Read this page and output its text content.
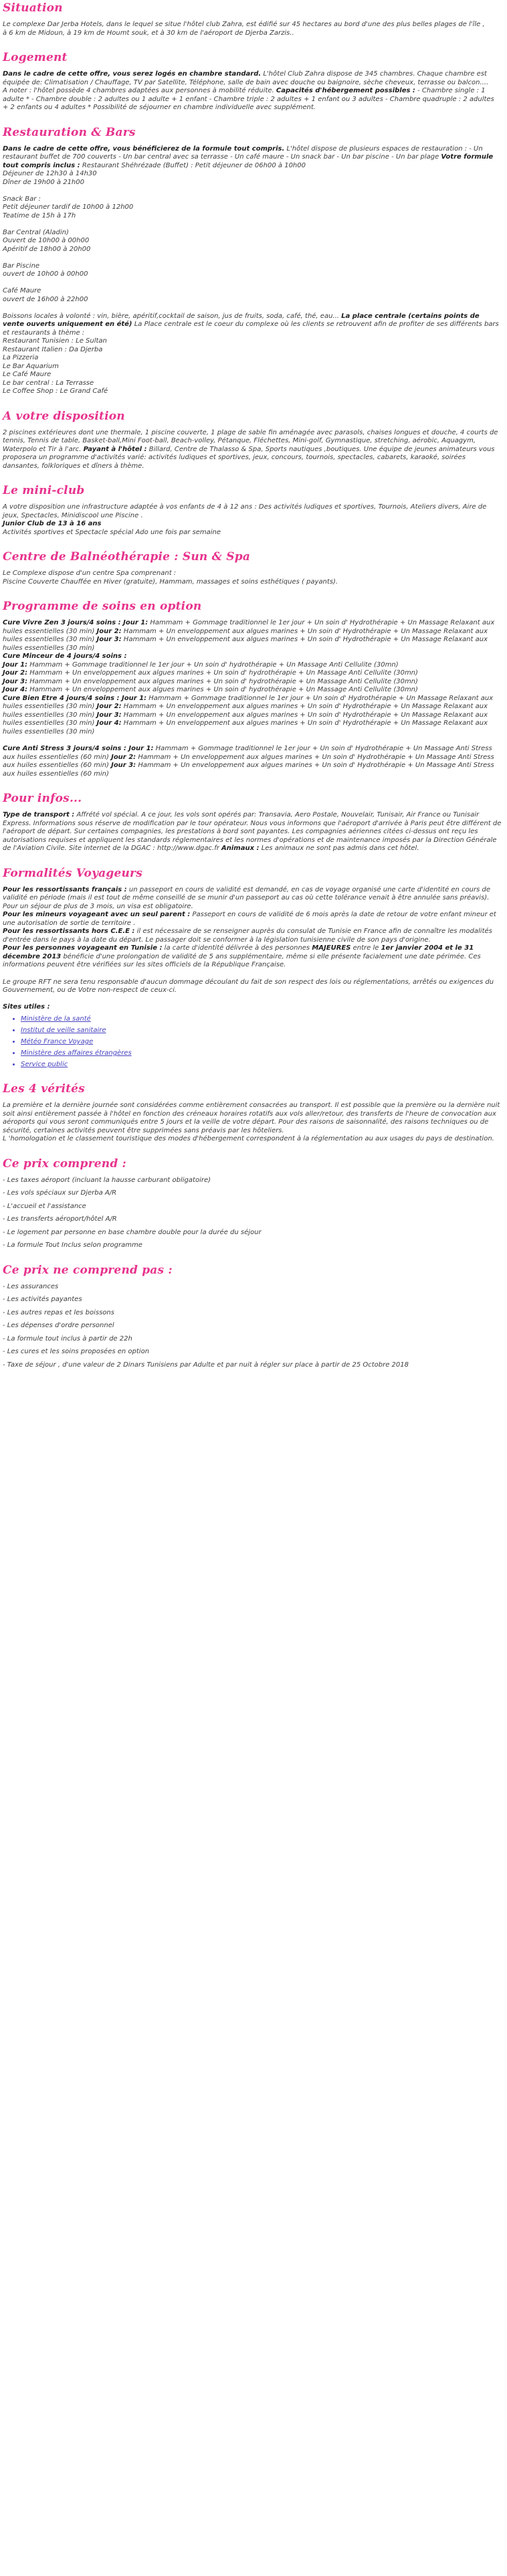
Situation

Le complexe Dar Jerba Hotels, dans le lequel se situe l'hôtel club Zahra, est édifié sur 45 hectares au bord d'une des plus belles plages de l'île ,

à 6 km de Midoun, à 19 km de Houmt souk, et à 30 km de l'aéroport de Djerba Zarzis..

Logement

Dans le cadre de cette offre, vous serez logés en chambre standard. L'hôtel Club Zahra dispose de 345 chambres. Chaque chambre est équipée de: Climatisation / Chauffage, TV par Satellite, Téléphone, salle de bain avec douche ou baignoire, sèche cheveux, terrasse ou balcon....

A noter : l'hôtel possède 4 chambres adaptées aux personnes à mobilité réduite. Capacités d'hébergement possibles : - Chambre single : 1 adulte * - Chambre double : 2 adultes ou 1 adulte + 1 enfant - Chambre triple : 2 adultes + 1 enfant ou 3 adultes - Chambre quadruple : 2 adultes + 2 enfants ou 4 adultes * Possibilité de séjourner en chambre individuelle avec supplément.

Restauration & Bars

Dans le cadre de cette offre, vous bénéficierez de la formule tout compris. L'hôtel dispose de plusieurs espaces de restauration : - Un restaurant buffet de 700 couverts - Un bar central avec sa terrasse - Un café maure - Un snack bar - Un bar piscine - Un bar plage Votre formule tout compris inclus : Restaurant Shéhrézade (Buffet) : Petit déjeuner de 06h00 à 10h00

Déjeuner de 12h30 à 14h30
Dîner de 19h00 à 21h00
Snack Bar :
Petit déjeuner tardif de 10h00 à 12h00
Teatime de 15h à 17h
Bar Central (Aladin)
Ouvert de 10h00 à 00h00
Apéritif de 18h00 à 20h00
Bar Piscine
ouvert de 10h00 à 00h00
Café Maure
ouvert de 16h00 à 22h00

Boissons locales à volonté : vin, bière, apéritif,cocktail de saison, jus de fruits, soda, café, thé, eau... La place centrale (certains points de vente ouverts uniquement en été) La Place centrale est le coeur du complexe où les clients se retrouvent afin de profiter de ses différents bars et restaurants à thème :

Restaurant Tunisien : Le Sultan
Restaurant Italien : Da Djerba
La Pizzeria
Le Bar Aquarium
Le Café Maure
Le bar central : La Terrasse
Le Coffee Shop : Le Grand Café
A votre disposition

2 piscines extérieures dont une thermale, 1 piscine couverte, 1 plage de sable fin aménagée avec parasols, chaises longues et douche, 4 courts de tennis, Tennis de table, Basket-ball,Mini Foot-ball, Beach-volley, Pétanque, Fléchettes, Mini-golf, Gymnastique, stretching, aérobic, Aquagym, Waterpolo et Tir à l'arc. Payant à l'hôtel : Billard, Centre de Thalasso & Spa, Sports nautiques ,boutiques. Une équipe de jeunes animateurs vous proposera un programme d'activités varié: activités ludiques et sportives, jeux, concours, tournois, spectacles, cabarets, karaoké, soirées dansantes, folkloriques et dîners à thème.

Le mini-club

A votre disposition une infrastructure adaptée à vos enfants de 4 à 12 ans : Des activités ludiques et sportives, Tournois, Ateliers divers, Aire de jeux, Spectacles, Minidiscool une Piscine .

Junior Club de 13 à 16 ans

Activités sportives et Spectacle spécial Ado une fois par semaine

Centre de Balnéothérapie : Sun & Spa

Le Complexe dispose d'un centre Spa comprenant :

Piscine Couverte Chauffée en Hiver (gratuite), Hammam, massages et soins esthétiques ( payants).

Programme de soins en option

Cure Vivre Zen 3 jours/4 soins : Jour 1: Hammam + Gommage traditionnel le 1er jour + Un soin d' Hydrothérapie + Un Massage Relaxant aux huiles essentielles (30 min) Jour 2: Hammam + Un enveloppement aux algues marines + Un soin d' Hydrothérapie + Un Massage Relaxant aux huiles essentielles (30 min) Jour 3: Hammam + Un enveloppement aux algues marines + Un soin d' Hydrothérapie + Un Massage Relaxant aux huiles essentielles (30 min)

Cure Minceur de 4 jours/4 soins :

Jour 1: Hammam + Gommage traditionnel le 1er jour + Un soin d' hydrothérapie + Un Massage Anti Cellulite (30mn)
Jour 2: Hammam + Un enveloppement aux algues marines + Un soin d' hydrothérapie + Un Massage Anti Cellulite (30mn)
Jour 3: Hammam + Un enveloppement aux algues marines + Un soin d' hydrothérapie + Un Massage Anti Cellulite (30mn)
Jour 4: Hammam + Un enveloppement aux algues marines + Un soin d' hydrothérapie + Un Massage Anti Cellulite (30mn)

Cure Bien Etre 4 jours/4 soins : Jour 1: Hammam + Gommage traditionnel le 1er jour + Un soin d' Hydrothérapie + Un Massage Relaxant aux huiles essentielles (30 min) Jour 2: Hammam + Un enveloppement aux algues marines + Un soin d' Hydrothérapie + Un Massage Relaxant aux huiles essentielles (30 min) Jour 3: Hammam + Un enveloppement aux algues marines + Un soin d' Hydrothérapie + Un Massage Relaxant aux huiles essentielles (30 min) Jour 4: Hammam + Un enveloppement aux algues marines + Un soin d' Hydrothérapie + Un Massage Relaxant aux huiles essentielles (30 min)

Cure Anti Stress 3 jours/4 soins : Jour 1: Hammam + Gommage traditionnel le 1er jour + Un soin d' Hydrothérapie + Un Massage Anti Stress aux huiles essentielles (60 min) Jour 2: Hammam + Un enveloppement aux algues marines + Un soin d' Hydrothérapie + Un Massage Anti Stress aux huiles essentielles (60 min) Jour 3: Hammam + Un enveloppement aux algues marines + Un soin d' Hydrothérapie + Un Massage Anti Stress aux huiles essentielles (60 min)

Pour infos...

Type de transport : Affrété vol spécial. A ce jour, les vols sont opérés par: Transavia, Aero Postale, Nouvelair, Tunisair, Air France ou Tunisair Express. Informations sous réserve de modification par le tour opérateur. Nous vous informons que l'aéroport d'arrivée à Paris peut être différent de l'aéroport de départ. Sur certaines compagnies, les prestations à bord sont payantes. Les compagnies aériennes citées ci-dessus ont reçu les autorisations requises et appliquent les standards réglementaires et les normes d'opérations et de maintenance imposés par la Direction Générale de l'Aviation Civile. Site internet de la DGAC : http://www.dgac.fr Animaux : Les animaux ne sont pas admis dans cet hôtel.

Formalités Voyageurs

Pour les ressortissants français : un passeport en cours de validité est demandé, en cas de voyage organisé une carte d'identité en cours de validité en période (mais il est tout de même conseillé de se munir d'un passeport au cas où cette tolérance venait à être annulée sans préavis). Pour un séjour de plus de 3 mois, un visa est obligatoire.

Pour les mineurs voyageant avec un seul parent : Passeport en cours de validité de 6 mois après la date de retour de votre enfant mineur et une autorisation de sortie de territoire .

Pour les ressortissants hors C.E.E : il est nécessaire de se renseigner auprès du consulat de Tunisie en France afin de connaître les modalités d'entrée dans le pays à la date du départ. Le passager doit se conformer à la législation tunisienne civile de son pays d'origine.

Pour les personnes voyageant en Tunisie : la carte d'identité délivrée à des personnes MAJEURES entre le 1er janvier 2004 et le 31 décembre 2013 bénéficie d'une prolongation de validité de 5 ans supplémentaire, même si elle présente facialement une date périmée. Ces informations peuvent être vérifiées sur les sites officiels de la République Française.

Le groupe RFT ne sera tenu responsable d'aucun dommage découlant du fait de son respect des lois ou réglementations, arrêtés ou exigences du Gouvernement, ou de Votre non-respect de ceux-ci.

Sites utiles :

• Ministère de la santé
• Institut de veille sanitaire
• Météo France Voyage
• Ministère des affaires étrangères
• Service public
Les 4 vérités

La première et la dernière journée sont considérées comme entièrement consacrées au transport. Il est possible que la première ou la dernière nuit soit ainsi entièrement passée à l'hôtel en fonction des créneaux horaires rotatifs aux vols aller/retour, des transferts de l'heure de convocation aux aéroports qui vous seront communiqués entre 5 jours et la veille de votre départ. Pour des raisons de saisonnalité, des raisons techniques ou de sécurité, certaines activités peuvent être supprimées sans préavis par les hôteliers.

L 'homologation et le classement touristique des modes d'hébergement correspondent à la réglementation au aux usages du pays de destination.

Ce prix comprend :
- Les taxes aéroport (incluant la hausse carburant obligatoire)
- Les vols spéciaux sur Djerba A/R
- L'accueil et l'assistance
- Les transferts aéroport/hôtel A/R
- Le logement par personne en base chambre double pour la durée du séjour
- La formule Tout Inclus selon programme
Ce prix ne comprend pas :
- Les assurances
- Les activités payantes
- Les autres repas et les boissons
- Les dépenses d'ordre personnel
- La formule tout inclus à partir de 22h
- Les cures et les soins proposées en option
- Taxe de séjour , d'une valeur de 2 Dinars Tunisiens par Adulte et par nuit à régler sur place à partir de 25 Octobre 2018
